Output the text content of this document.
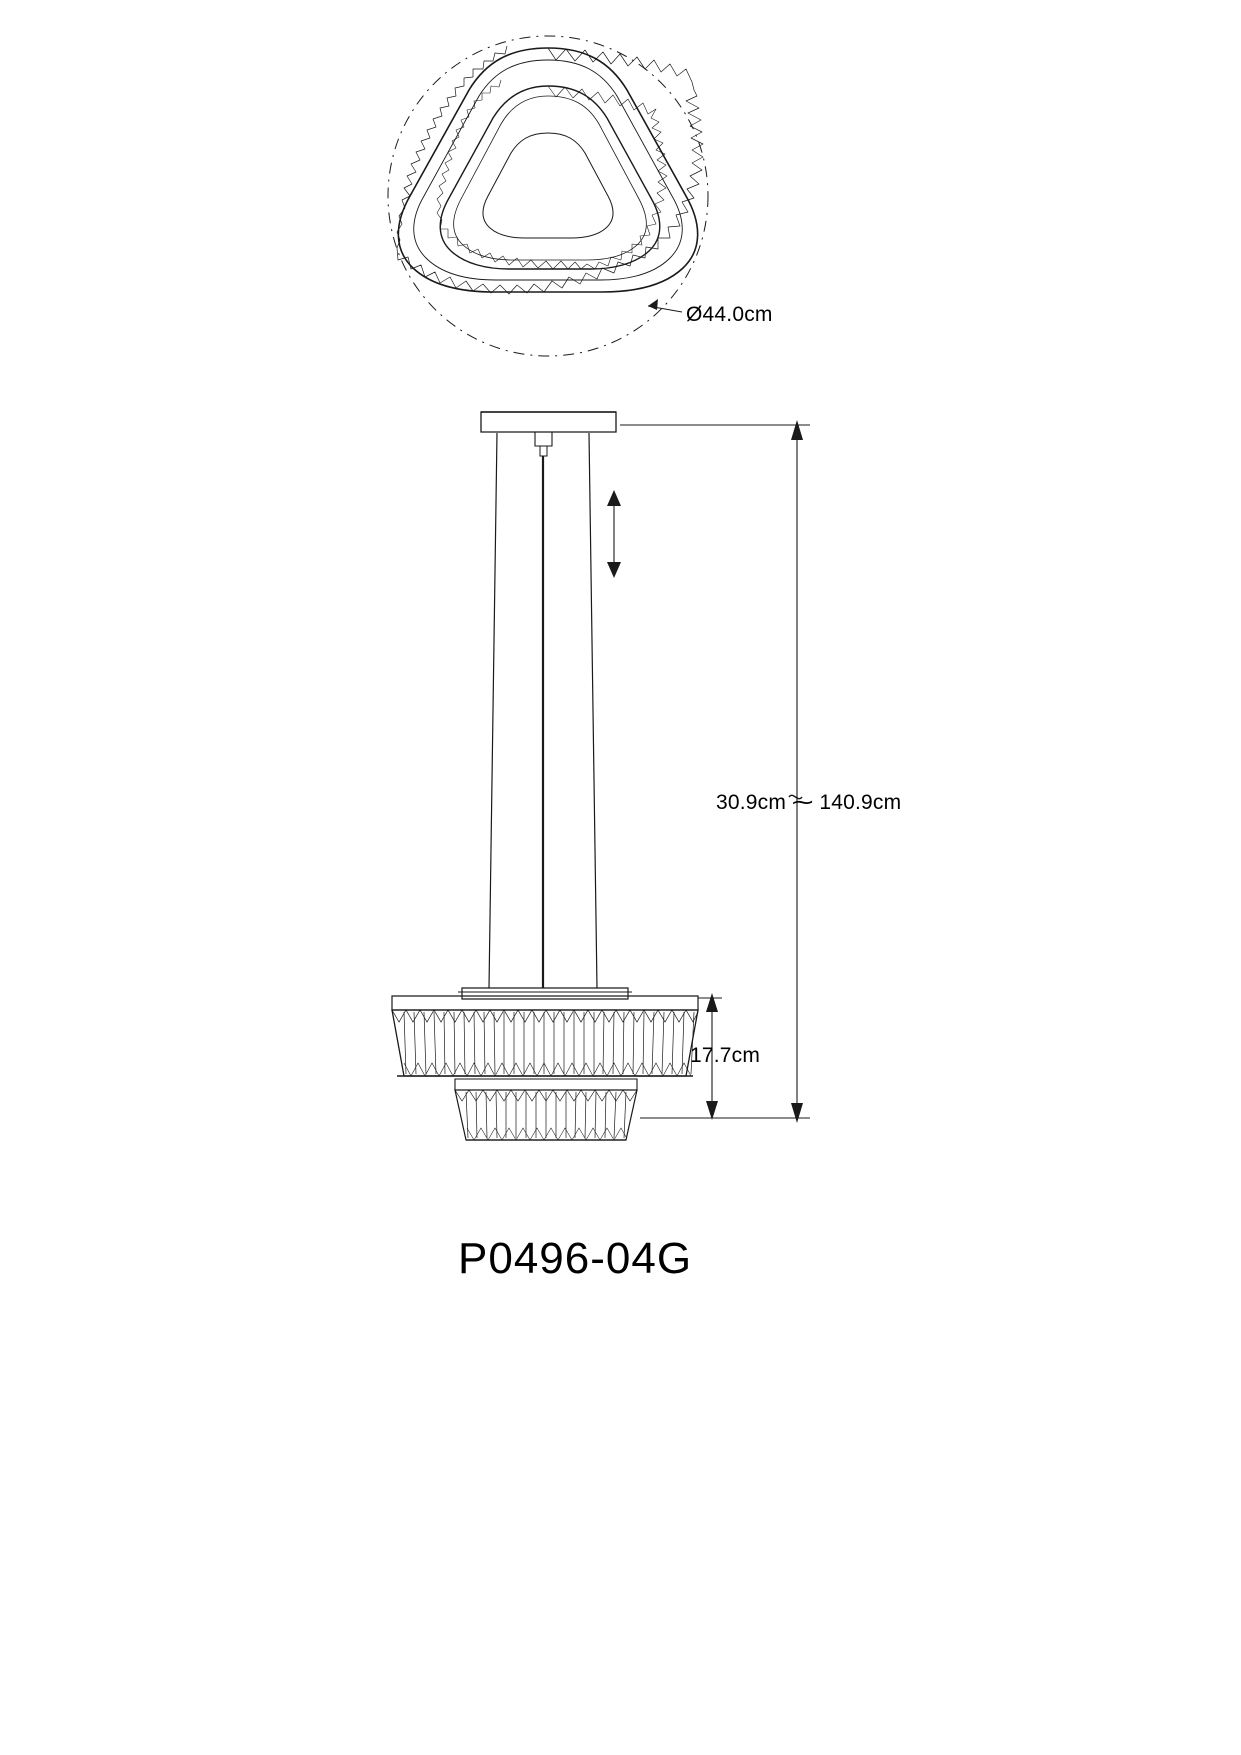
Ø44.0cm
30.9cm ⁓ 140.9cm
17.7cm
P0496-04G
